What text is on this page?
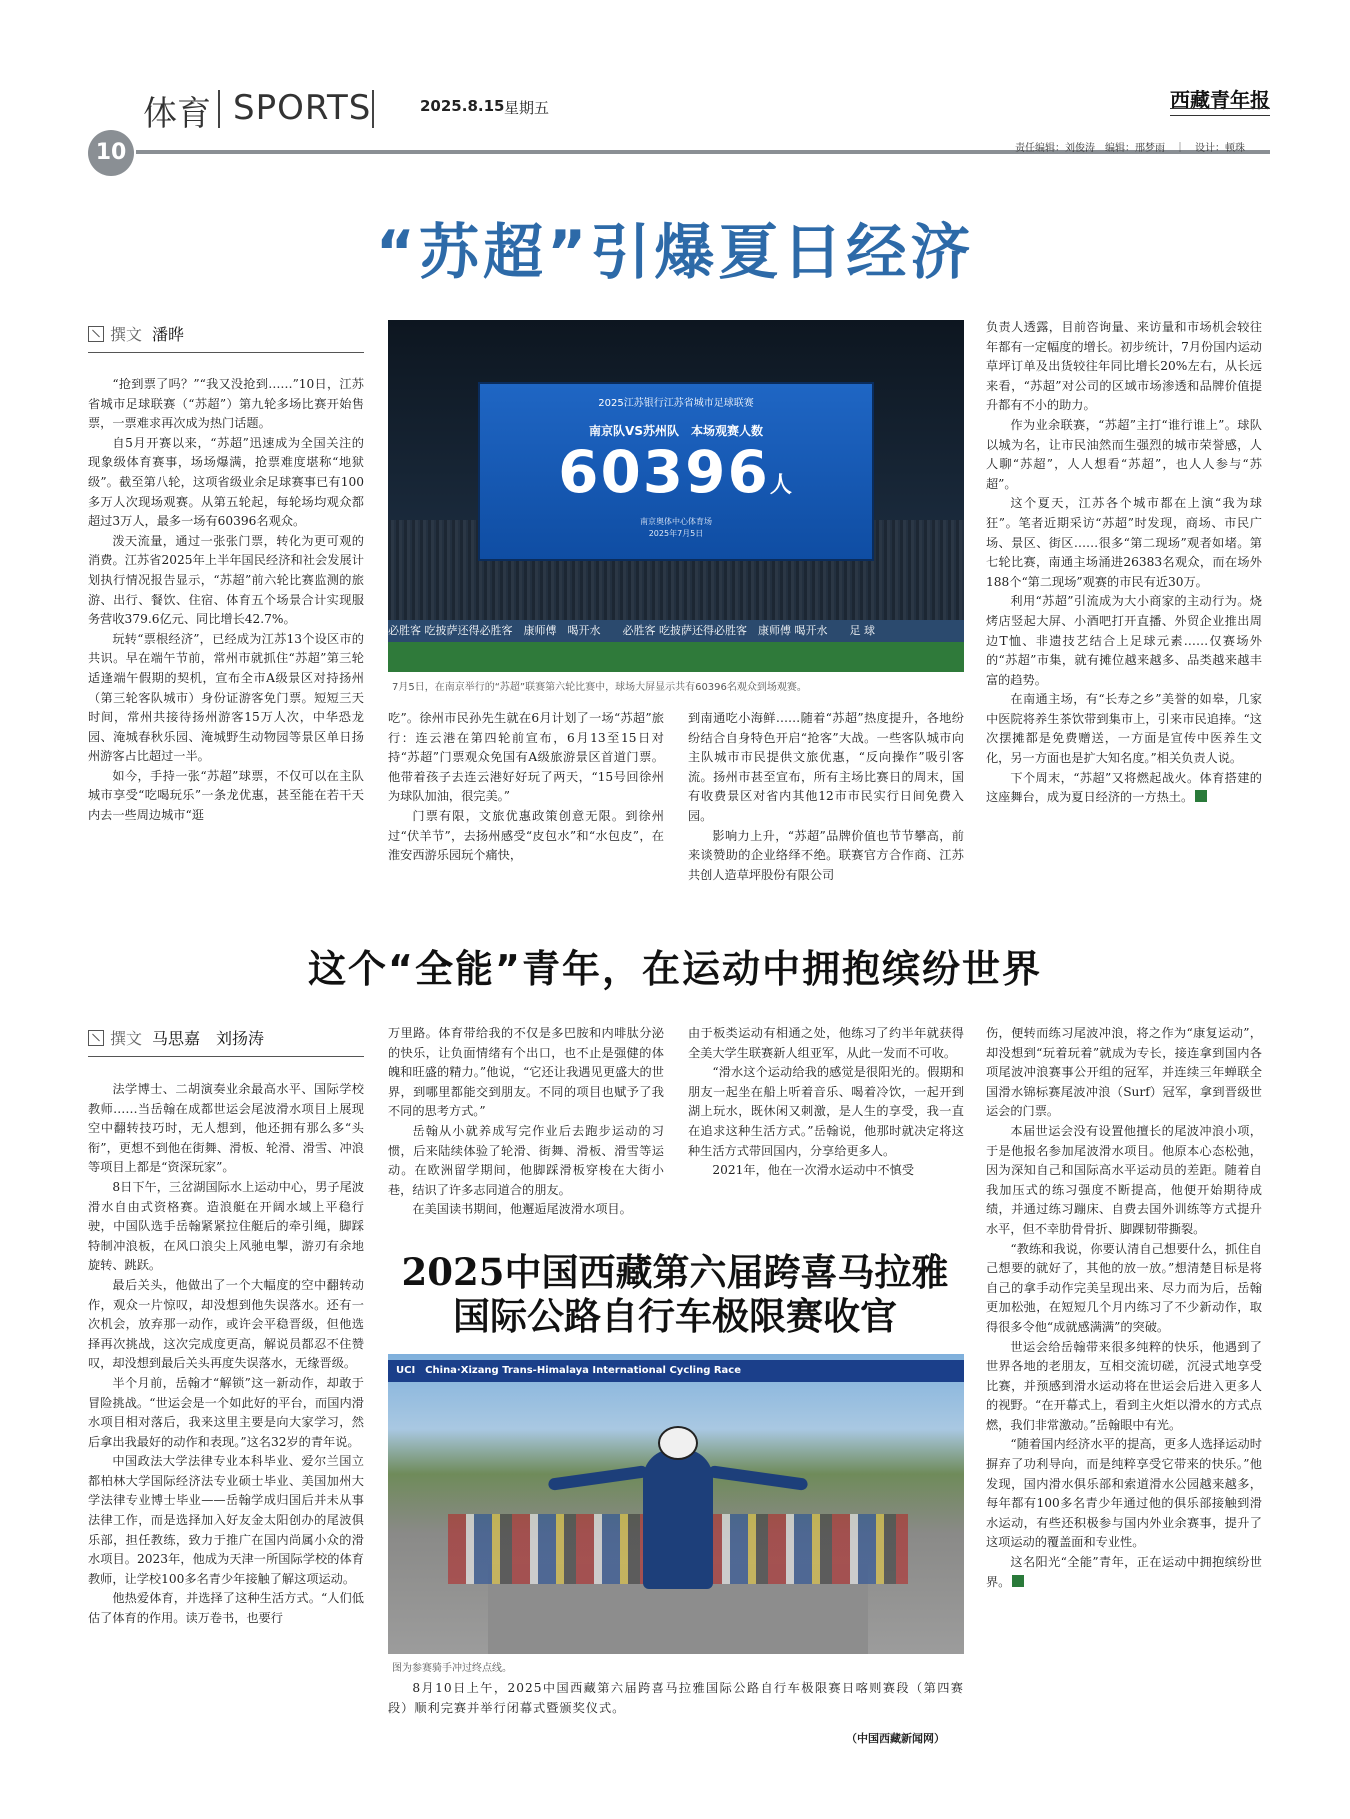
体育 SPORTS	2025.8.15 星期五	西藏青年报
10	责任编辑：刘俊涛　编辑：邢梦雨　｜　设计：顿珠
“苏超”引爆夏日经济
撰文 潘晔

“抢到票了吗？”“我又没抢到……”10日，江苏省城市足球联赛（“苏超”）第九轮多场比赛开始售票，一票难求再次成为热门话题。

自5月开赛以来，“苏超”迅速成为全国关注的现象级体育赛事，场场爆满，抢票难度堪称“地狱级”。截至第八轮，这项省级业余足球赛事已有100多万人次现场观赛。从第五轮起，每轮场均观众都超过3万人，最多一场有60396名观众。

泼天流量，通过一张张门票，转化为更可观的消费。江苏省2025年上半年国民经济和社会发展计划执行情况报告显示，“苏超”前六轮比赛监测的旅游、出行、餐饮、住宿、体育五个场景合计实现服务营收379.6亿元、同比增长42.7%。

玩转“票根经济”，已经成为江苏13个设区市的共识。早在端午节前，常州市就抓住“苏超”第三轮适逢端午假期的契机，宣布全市A级景区对持扬州（第三轮客队城市）身份证游客免门票。短短三天时间，常州共接待扬州游客15万人次，中华恐龙园、淹城春秋乐园、淹城野生动物园等景区单日扬州游客占比超过一半。

如今，手持一张“苏超”球票，不仅可以在主队城市享受“吃喝玩乐”一条龙优惠，甚至能在若干天内去一些周边城市“逛

2025江苏银行江苏省城市足球联赛
南京队VS苏州队　本场观赛人数
60396人
南京奥体中心体育场
2025年7月5日
必胜客 吃披萨还得必胜客　康师傅　喝开水　　必胜客 吃披萨还得必胜客　康师傅 喝开水　　足 球
7月5日，在南京举行的“苏超”联赛第六轮比赛中，球场大屏显示共有60396名观众到场观赛。

吃”。徐州市民孙先生就在6月计划了一场“苏超”旅行：连云港在第四轮前宣布，6月13至15日对持“苏超”门票观众免国有A级旅游景区首道门票。他带着孩子去连云港好好玩了两天，“15号回徐州为球队加油，很完美。”

门票有限，文旅优惠政策创意无限。到徐州过“伏羊节”，去扬州感受“皮包水”和“水包皮”，在淮安西游乐园玩个痛快，

到南通吃小海鲜……随着“苏超”热度提升，各地纷纷结合自身特色开启“抢客”大战。一些客队城市向主队城市市民提供文旅优惠，“反向操作”吸引客流。扬州市甚至宣布，所有主场比赛日的周末，国有收费景区对省内其他12市市民实行日间免费入园。

影响力上升，“苏超”品牌价值也节节攀高，前来谈赞助的企业络绎不绝。联赛官方合作商、江苏共创人造草坪股份有限公司

负责人透露，目前咨询量、来访量和市场机会较往年都有一定幅度的增长。初步统计，7月份国内运动草坪订单及出货较往年同比增长20%左右，从长远来看，“苏超”对公司的区域市场渗透和品牌价值提升都有不小的助力。

作为业余联赛，“苏超”主打“谁行谁上”。球队以城为名，让市民油然而生强烈的城市荣誉感，人人聊“苏超”，人人想看“苏超”，也人人参与“苏超”。

这个夏天，江苏各个城市都在上演“我为球狂”。笔者近期采访“苏超”时发现，商场、市民广场、景区、街区……很多“第二现场”观者如堵。第七轮比赛，南通主场涌进26383名观众，而在场外188个“第二现场”观赛的市民有近30万。

利用“苏超”引流成为大小商家的主动行为。烧烤店竖起大屏、小酒吧打开直播、外贸企业推出周边T恤、非遗技艺结合上足球元素……仅赛场外的“苏超”市集，就有摊位越来越多、品类越来越丰富的趋势。

在南通主场，有“长寿之乡”美誉的如皋，几家中医院将养生茶饮带到集市上，引来市民追捧。“这次摆摊都是免费赠送，一方面是宣传中医养生文化，另一方面也是扩大知名度。”相关负责人说。

下个周末，“苏超”又将燃起战火。体育搭建的这座舞台，成为夏日经济的一方热土。

这个“全能”青年，在运动中拥抱缤纷世界
撰文 马思嘉　刘扬涛

法学博士、二胡演奏业余最高水平、国际学校教师……当岳翰在成都世运会尾波滑水项目上展现空中翻转技巧时，无人想到，他还拥有那么多“头衔”，更想不到他在街舞、滑板、轮滑、滑雪、冲浪等项目上都是“资深玩家”。

8日下午，三岔湖国际水上运动中心，男子尾波滑水自由式资格赛。造浪艇在开阔水域上平稳行驶，中国队选手岳翰紧紧拉住艇后的牵引绳，脚踩特制冲浪板，在风口浪尖上风驰电掣，游刃有余地旋转、跳跃。

最后关头，他做出了一个大幅度的空中翻转动作，观众一片惊叹，却没想到他失误落水。还有一次机会，放弃那一动作，或许会平稳晋级，但他选择再次挑战，这次完成度更高，解说员都忍不住赞叹，却没想到最后关头再度失误落水，无缘晋级。

半个月前，岳翰才“解锁”这一新动作，却敢于冒险挑战。“世运会是一个如此好的平台，而国内滑水项目相对落后，我来这里主要是向大家学习，然后拿出我最好的动作和表现。”这名32岁的青年说。

中国政法大学法律专业本科毕业、爱尔兰国立都柏林大学国际经济法专业硕士毕业、美国加州大学法律专业博士毕业——岳翰学成归国后并未从事法律工作，而是选择加入好友金太阳创办的尾波俱乐部，担任教练，致力于推广在国内尚属小众的滑水项目。2023年，他成为天津一所国际学校的体育教师，让学校100多名青少年接触了解这项运动。

他热爱体育，并选择了这种生活方式。“人们低估了体育的作用。读万卷书，也要行

万里路。体育带给我的不仅是多巴胺和内啡肽分泌的快乐，让负面情绪有个出口，也不止是强健的体魄和旺盛的精力。”他说，“它还让我遇见更盛大的世界，到哪里都能交到朋友。不同的项目也赋予了我不同的思考方式。”

岳翰从小就养成写完作业后去跑步运动的习惯，后来陆续体验了轮滑、街舞、滑板、滑雪等运动。在欧洲留学期间，他脚踩滑板穿梭在大街小巷，结识了许多志同道合的朋友。

在美国读书期间，他邂逅尾波滑水项目。

由于板类运动有相通之处，他练习了约半年就获得全美大学生联赛新人组亚军，从此一发而不可收。

“滑水这个运动给我的感觉是很阳光的。假期和朋友一起坐在船上听着音乐、喝着冷饮，一起开到湖上玩水，既休闲又刺激，是人生的享受，我一直在追求这种生活方式。”岳翰说，他那时就决定将这种生活方式带回国内，分享给更多人。

2021年，他在一次滑水运动中不慎受

伤，便转而练习尾波冲浪，将之作为“康复运动”，却没想到“玩着玩着”就成为专长，接连拿到国内各项尾波冲浪赛事公开组的冠军，并连续三年蝉联全国滑水锦标赛尾波冲浪（Surf）冠军，拿到晋级世运会的门票。

本届世运会没有设置他擅长的尾波冲浪小项，于是他报名参加尾波滑水项目。他原本心态松弛，因为深知自己和国际高水平运动员的差距。随着自我加压式的练习强度不断提高，他便开始期待成绩，并通过练习蹦床、自费去国外训练等方式提升水平，但不幸肋骨骨折、脚踝韧带撕裂。

“教练和我说，你要认清自己想要什么，抓住自己想要的就好了，其他的放一放。”想清楚目标是将自己的拿手动作完美呈现出来、尽力而为后，岳翰更加松弛，在短短几个月内练习了不少新动作，取得很多令他“成就感满满”的突破。

世运会给岳翰带来很多纯粹的快乐，他遇到了世界各地的老朋友，互相交流切磋，沉浸式地享受比赛，并预感到滑水运动将在世运会后进入更多人的视野。“在开幕式上，看到主火炬以滑水的方式点燃，我们非常激动。”岳翰眼中有光。

“随着国内经济水平的提高，更多人选择运动时摒弃了功利导向，而是纯粹享受它带来的快乐。”他发现，国内滑水俱乐部和索道滑水公园越来越多，每年都有100多名青少年通过他的俱乐部接触到滑水运动，有些还积极参与国内外业余赛事，提升了这项运动的覆盖面和专业性。

这名阳光“全能”青年，正在运动中拥抱缤纷世界。

2025中国西藏第六届跨喜马拉雅
国际公路自行车极限赛收官
UCI　China·Xizang Trans-Himalaya International Cycling Race
图为参赛骑手冲过终点线。
8月10日上午，2025中国西藏第六届跨喜马拉雅国际公路自行车极限赛日喀则赛段（第四赛段）顺利完赛并举行闭幕式暨颁奖仪式。
（中国西藏新闻网）
